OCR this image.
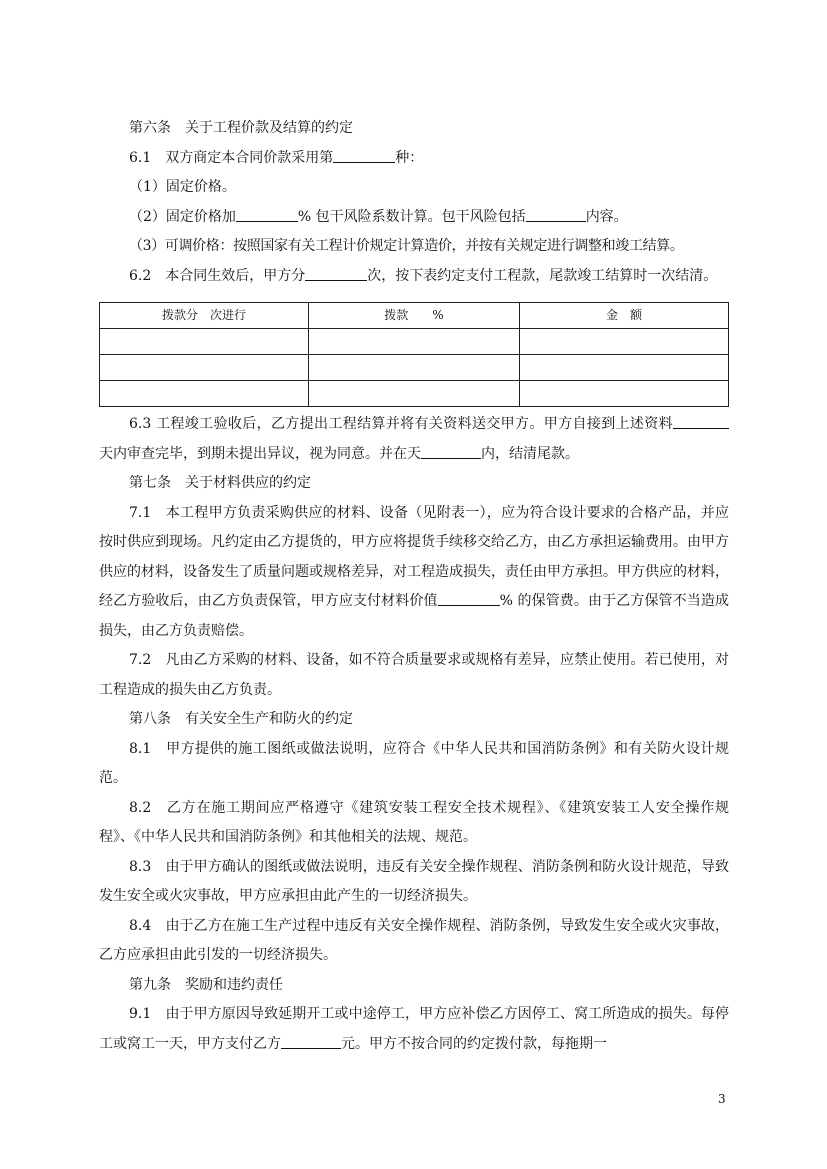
第六条　关于工程价款及结算的约定

6.1　双方商定本合同价款采用第	种：

（1）固定价格。

（2）固定价格加	% 包干风险系数计算。包干风险包括	内容。

（3）可调价格：按照国家有关工程计价规定计算造价，并按有关规定进行调整和竣工结算。

6.2　本合同生效后，甲方分	次，按下表约定支付工程款，尾款竣工结算时一次结清。

拨款分　次进行	拨款　　%	金　额

6.3 工程竣工验收后，乙方提出工程结算并将有关资料送交甲方。甲方自接到上述资料天内审查完毕，到期未提出异议，视为同意。并在天	内，结清尾款。

第七条　关于材料供应的约定

7.1　本工程甲方负责采购供应的材料、设备（见附表一），应为符合设计要求的合格产品，并应按时供应到现场。凡约定由乙方提货的，甲方应将提货手续移交给乙方，由乙方承担运输费用。由甲方供应的材料，设备发生了质量问题或规格差异，对工程造成损失，责任由甲方承担。甲方供应的材料，经乙方验收后，由乙方负责保管，甲方应支付材料价值	% 的保管费。由于乙方保管不当造成损失，由乙方负责赔偿。

7.2　凡由乙方采购的材料、设备，如不符合质量要求或规格有差异，应禁止使用。若已使用，对工程造成的损失由乙方负责。

第八条　有关安全生产和防火的约定

8.1　甲方提供的施工图纸或做法说明，应符合《中华人民共和国消防条例》和有关防火设计规范。

8.2　乙方在施工期间应严格遵守《建筑安装工程安全技术规程》、《建筑安装工人安全操作规程》、《中华人民共和国消防条例》和其他相关的法规、规范。

8.3　由于甲方确认的图纸或做法说明，违反有关安全操作规程、消防条例和防火设计规范，导致发生安全或火灾事故，甲方应承担由此产生的一切经济损失。

8.4　由于乙方在施工生产过程中违反有关安全操作规程、消防条例，导致发生安全或火灾事故，乙方应承担由此引发的一切经济损失。

第九条　奖励和违约责任

9.1　由于甲方原因导致延期开工或中途停工，甲方应补偿乙方因停工、窝工所造成的损失。每停工或窝工一天，甲方支付乙方	元。甲方不按合同的约定拨付款，每拖期一

3
